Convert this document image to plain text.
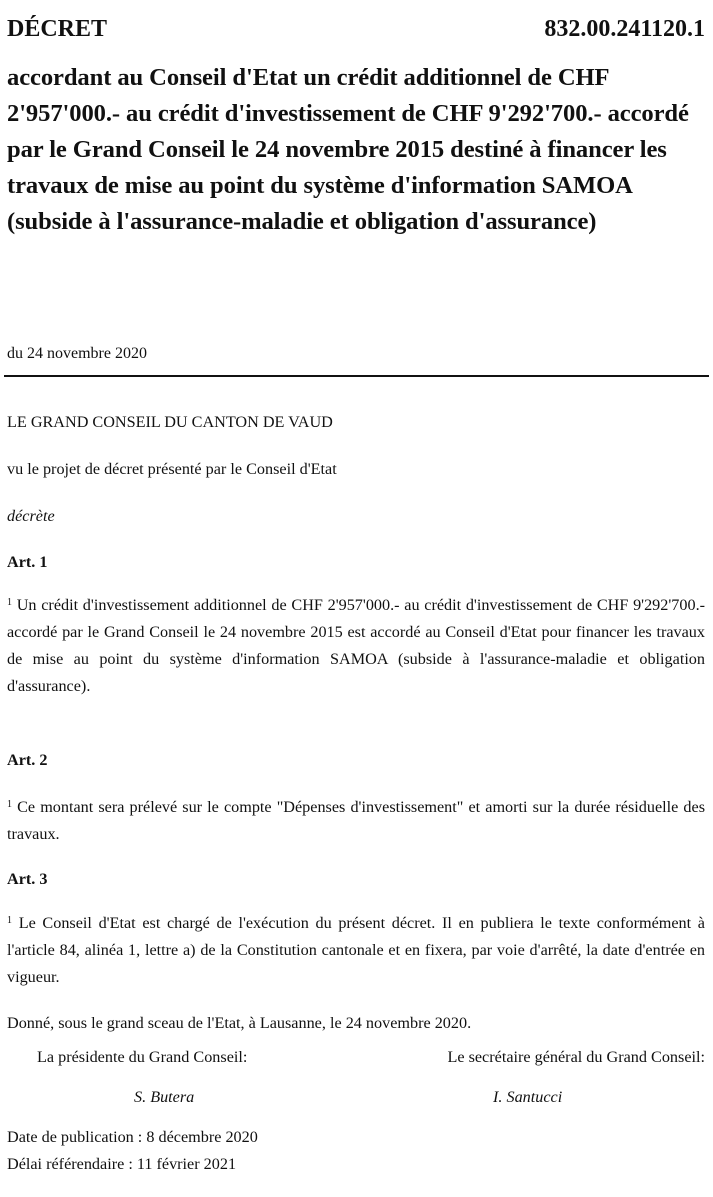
DÉCRET	832.00.241120.1
accordant au Conseil d'Etat un crédit additionnel de CHF 2'957'000.- au crédit d'investissement de CHF 9'292'700.- accordé par le Grand Conseil le 24 novembre 2015 destiné à financer les travaux de mise au point du système d'information SAMOA (subside à l'assurance-maladie et obligation d'assurance)
du 24 novembre 2020
LE GRAND CONSEIL DU CANTON DE VAUD
vu le projet de décret présenté par le Conseil d'Etat
décrète
Art. 1
$^1$ Un crédit d'investissement additionnel de CHF 2'957'000.- au crédit d'investissement de CHF 9'292'700.- accordé par le Grand Conseil le 24 novembre 2015 est accordé au Conseil d'Etat pour financer les travaux de mise au point du système d'information SAMOA (subside à l'assurance-maladie et obligation d'assurance).
Art. 2
$^1$ Ce montant sera prélevé sur le compte "Dépenses d'investissement" et amorti sur la durée résiduelle des travaux.
Art. 3
$^1$ Le Conseil d'Etat est chargé de l'exécution du présent décret. Il en publiera le texte conformément à l'article 84, alinéa 1, lettre a) de la Constitution cantonale et en fixera, par voie d'arrêté, la date d'entrée en vigueur.
Donné, sous le grand sceau de l'Etat, à Lausanne, le 24 novembre 2020.
La présidente du Grand Conseil:	Le secrétaire général du Grand Conseil:
S. Butera	I. Santucci
Date de publication : 8 décembre 2020
Délai référendaire : 11 février 2021
